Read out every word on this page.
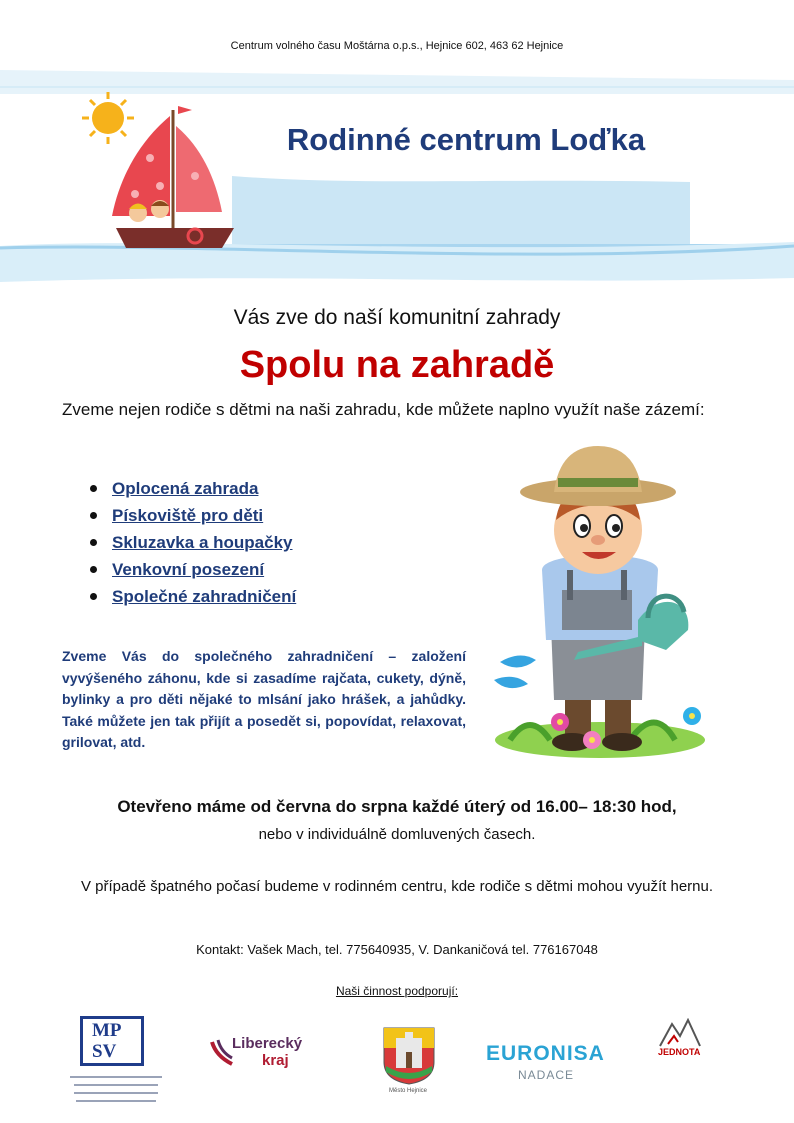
Centrum volného času Moštárna o.p.s., Hejnice 602, 463 62 Hejnice
Rodinné centrum Loďka
Vás zve do naší komunitní zahrady
Spolu na zahradě
Zveme nejen rodiče s dětmi na naši zahradu, kde můžete naplno využít naše zázemí:
Oplocená zahrada
Pískoviště pro děti
Skluzavka a houpačky
Venkovní posezení
Společné zahradničení
Zveme Vás do společného zahradničení – založení vyvýšeného záhonu, kde si zasadíme rajčata, cukety, dýně, bylinky a pro děti nějaké to mlsání jako hrášek, a jahůdky. Také můžete jen tak přijít a posedět si, popovídat, relaxovat, grilovat, atd.
Otevřeno máme od června do srpna každé úterý od 16.00– 18:30 hod,
nebo v individuálně domluvených časech.
V případě špatného počasí budeme v rodinném centru, kde rodiče s dětmi mohou využít hernu.
Kontakt: Vašek Mach, tel. 775640935, V. Dankaničová tel. 776167048
Naši činnost podporují:
MP
SV	Liberecký
kraj
Město Hejnice
EURONISA
NADACE
JEDNOTA
